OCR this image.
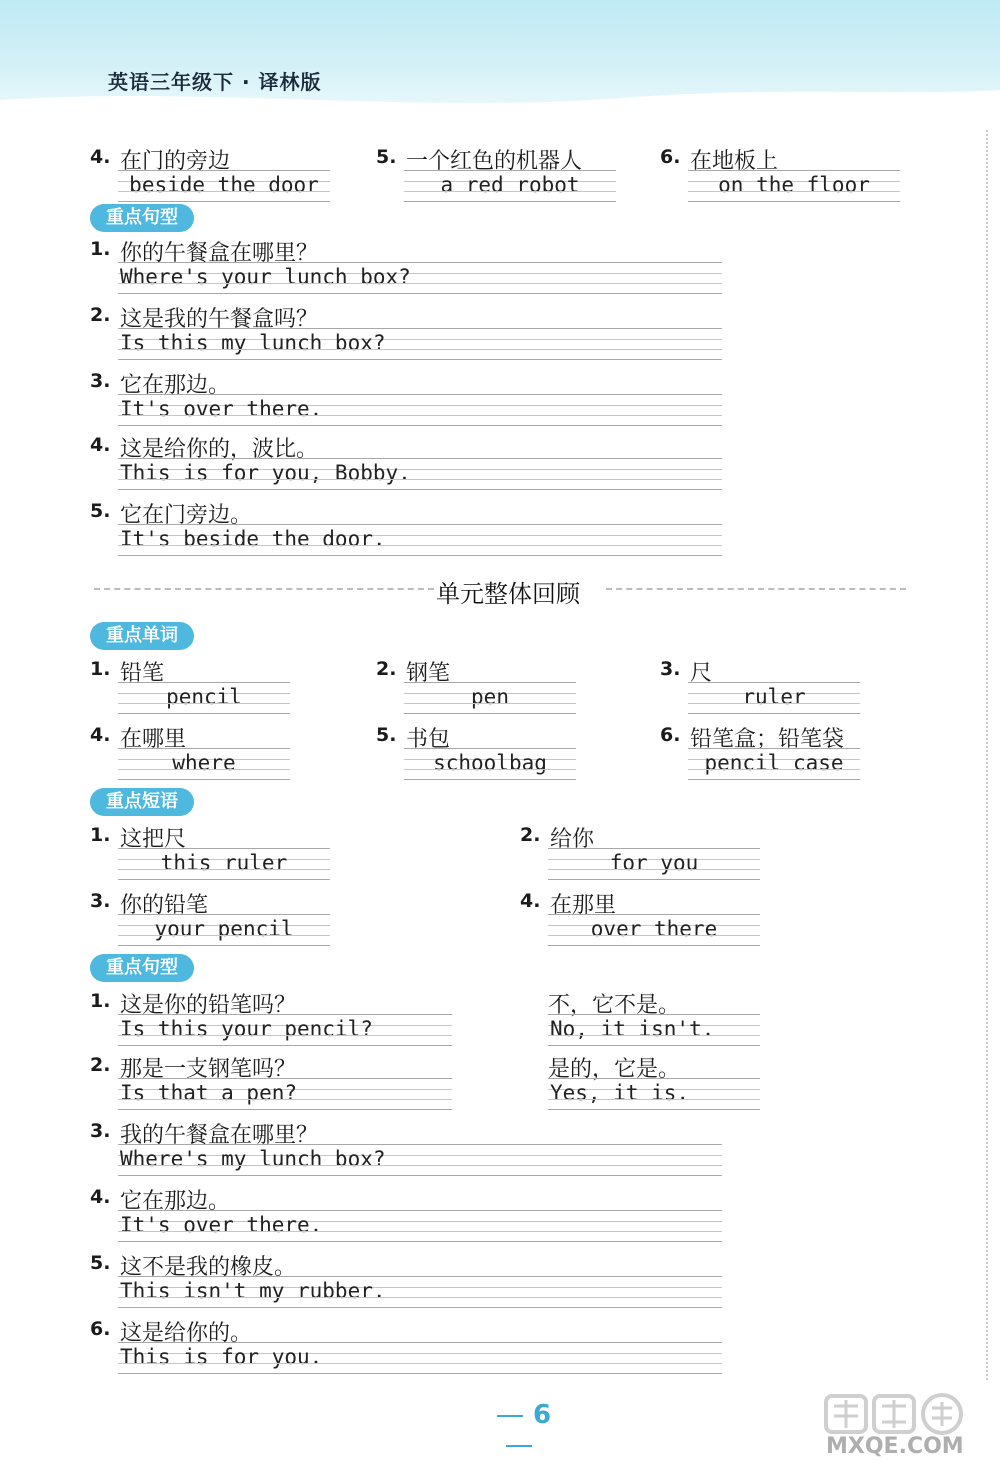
英语三年级下 · 译林版
4. 在门的旁边
beside the door
5. 一个红色的机器人
a red robot
6. 在地板上
on the floor
重点句型
1. 你的午餐盒在哪里？
Where's your lunch box?
2. 这是我的午餐盒吗？
Is this my lunch box?
3. 它在那边。
It's over there.
4. 这是给你的，波比。
This is for you, Bobby.
5. 它在门旁边。
It's beside the door.
单元整体回顾
重点单词
1. 铅笔
pencil
2. 钢笔
pen
3. 尺
ruler
4. 在哪里
where
5. 书包
schoolbag
6. 铅笔盒；铅笔袋
pencil case
重点短语
1. 这把尺
this ruler
2. 给你
for you
3. 你的铅笔
your pencil
4. 在那里
over there
重点句型
1. 这是你的铅笔吗？
Is this your pencil?
不，它不是。
No, it isn't.
2. 那是一支钢笔吗？
Is that a pen?
是的，它是。
Yes, it is.
3. 我的午餐盒在哪里？
Where's my lunch box?
4. 它在那边。
It's over there.
5. 这不是我的橡皮。
This isn't my rubber.
6. 这是给你的。
This is for you.
6
MXQE.COM
